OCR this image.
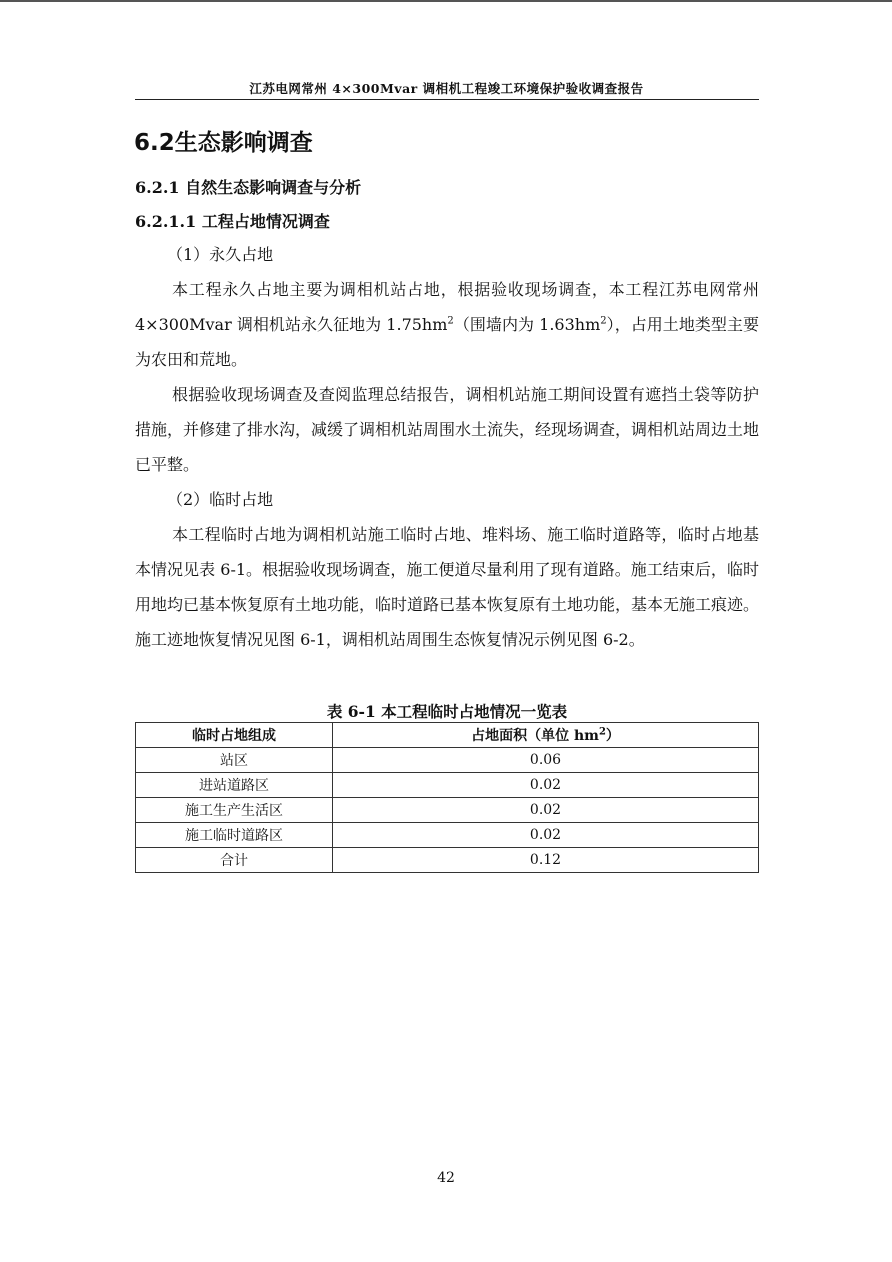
江苏电网常州 4×300Mvar 调相机工程竣工环境保护验收调查报告
6.2生态影响调查
6.2.1 自然生态影响调查与分析
6.2.1.1 工程占地情况调查
（1）永久占地

本工程永久占地主要为调相机站占地，根据验收现场调查，本工程江苏电网常州 4×300Mvar 调相机站永久征地为 $1.75hm^2$（围墙内为 $1.63hm^2$），占用土地类型主要为农田和荒地。

根据验收现场调查及查阅监理总结报告，调相机站施工期间设置有遮挡土袋等防护措施，并修建了排水沟，减缓了调相机站周围水土流失，经现场调查，调相机站周边土地已平整。

（2）临时占地

本工程临时占地为调相机站施工临时占地、堆料场、施工临时道路等，临时占地基本情况见表 6-1。根据验收现场调查，施工便道尽量利用了现有道路。施工结束后，临时用地均已基本恢复原有土地功能，临时道路已基本恢复原有土地功能，基本无施工痕迹。施工迹地恢复情况见图 6-1，调相机站周围生态恢复情况示例见图 6-2。

表 6-1 本工程临时占地情况一览表
临时占地组成	占地面积（单位 $hm^2$）
站区	0.06
进站道路区	0.02
施工生产生活区	0.02
施工临时道路区	0.02
合计	0.12
42
